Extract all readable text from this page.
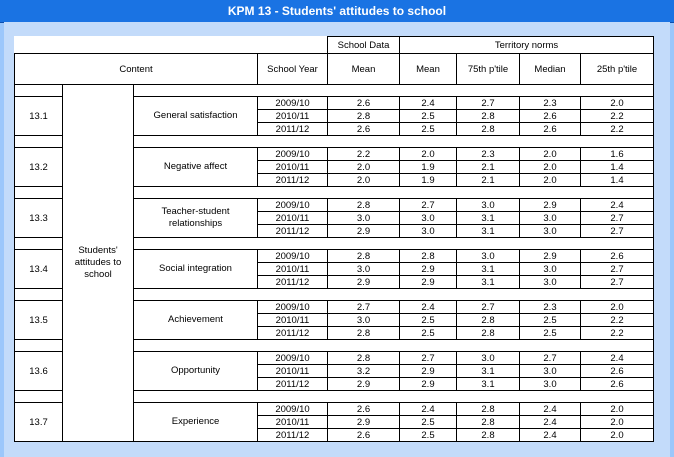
KPM 13 - Students' attitudes to school
				School Data	Territory norms			
Content			School Year	Mean	Mean	75th p'tile	Median	25th p'tile
	Students' attitudes to school							
13.1		General satisfaction	2009/10	2.6	2.4	2.7	2.3	2.0
			2010/11	2.8	2.5	2.8	2.6	2.2
			2011/12	2.6	2.5	2.8	2.6	2.2

13.2		Negative affect	2009/10	2.2	2.0	2.3	2.0	1.6
			2010/11	2.0	1.9	2.1	2.0	1.4
			2011/12	2.0	1.9	2.1	2.0	1.4

13.3		Teacher-student relationships	2009/10	2.8	2.7	3.0	2.9	2.4
			2010/11	3.0	3.0	3.1	3.0	2.7
			2011/12	2.9	3.0	3.1	3.0	2.7

13.4		Social integration	2009/10	2.8	2.8	3.0	2.9	2.6
			2010/11	3.0	2.9	3.1	3.0	2.7
			2011/12	2.9	2.9	3.1	3.0	2.7

13.5		Achievement	2009/10	2.7	2.4	2.7	2.3	2.0
			2010/11	3.0	2.5	2.8	2.5	2.2
			2011/12	2.8	2.5	2.8	2.5	2.2

13.6		Opportunity	2009/10	2.8	2.7	3.0	2.7	2.4
			2010/11	3.2	2.9	3.1	3.0	2.6
			2011/12	2.9	2.9	3.1	3.0	2.6

13.7		Experience	2009/10	2.6	2.4	2.8	2.4	2.0
			2010/11	2.9	2.5	2.8	2.4	2.0
			2011/12	2.6	2.5	2.8	2.4	2.0
